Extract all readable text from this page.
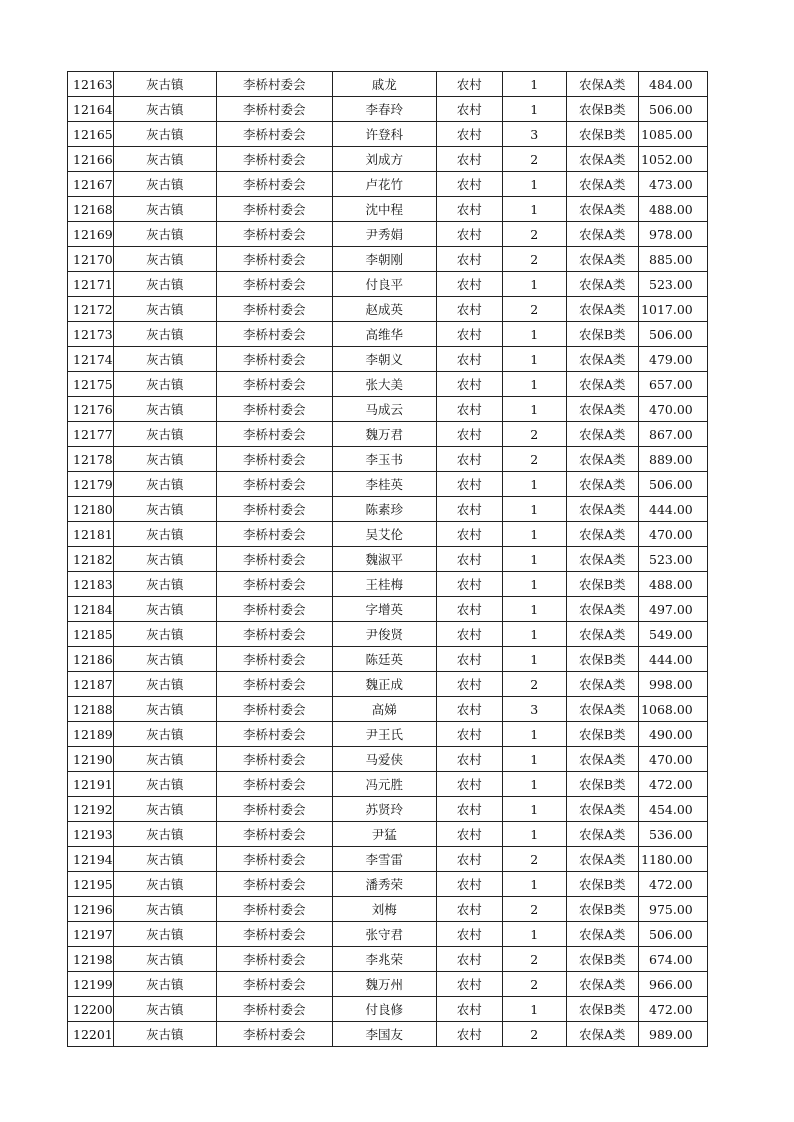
12163	灰古镇	李桥村委会	戚龙	农村	1	农保A类	484.00
12164	灰古镇	李桥村委会	李春玲	农村	1	农保B类	506.00
12165	灰古镇	李桥村委会	许登科	农村	3	农保B类	1085.00
12166	灰古镇	李桥村委会	刘成方	农村	2	农保A类	1052.00
12167	灰古镇	李桥村委会	卢花竹	农村	1	农保A类	473.00
12168	灰古镇	李桥村委会	沈中程	农村	1	农保A类	488.00
12169	灰古镇	李桥村委会	尹秀娟	农村	2	农保A类	978.00
12170	灰古镇	李桥村委会	李朝刚	农村	2	农保A类	885.00
12171	灰古镇	李桥村委会	付良平	农村	1	农保A类	523.00
12172	灰古镇	李桥村委会	赵成英	农村	2	农保A类	1017.00
12173	灰古镇	李桥村委会	高维华	农村	1	农保B类	506.00
12174	灰古镇	李桥村委会	李朝义	农村	1	农保A类	479.00
12175	灰古镇	李桥村委会	张大美	农村	1	农保A类	657.00
12176	灰古镇	李桥村委会	马成云	农村	1	农保A类	470.00
12177	灰古镇	李桥村委会	魏万君	农村	2	农保A类	867.00
12178	灰古镇	李桥村委会	李玉书	农村	2	农保A类	889.00
12179	灰古镇	李桥村委会	李桂英	农村	1	农保A类	506.00
12180	灰古镇	李桥村委会	陈素珍	农村	1	农保A类	444.00
12181	灰古镇	李桥村委会	吴艾伦	农村	1	农保A类	470.00
12182	灰古镇	李桥村委会	魏淑平	农村	1	农保A类	523.00
12183	灰古镇	李桥村委会	王桂梅	农村	1	农保B类	488.00
12184	灰古镇	李桥村委会	字增英	农村	1	农保A类	497.00
12185	灰古镇	李桥村委会	尹俊贤	农村	1	农保A类	549.00
12186	灰古镇	李桥村委会	陈廷英	农村	1	农保B类	444.00
12187	灰古镇	李桥村委会	魏正成	农村	2	农保A类	998.00
12188	灰古镇	李桥村委会	高娣	农村	3	农保A类	1068.00
12189	灰古镇	李桥村委会	尹王氏	农村	1	农保B类	490.00
12190	灰古镇	李桥村委会	马爱侠	农村	1	农保A类	470.00
12191	灰古镇	李桥村委会	冯元胜	农村	1	农保B类	472.00
12192	灰古镇	李桥村委会	苏贤玲	农村	1	农保A类	454.00
12193	灰古镇	李桥村委会	尹猛	农村	1	农保A类	536.00
12194	灰古镇	李桥村委会	李雪雷	农村	2	农保A类	1180.00
12195	灰古镇	李桥村委会	潘秀荣	农村	1	农保B类	472.00
12196	灰古镇	李桥村委会	刘梅	农村	2	农保B类	975.00
12197	灰古镇	李桥村委会	张守君	农村	1	农保A类	506.00
12198	灰古镇	李桥村委会	李兆荣	农村	2	农保B类	674.00
12199	灰古镇	李桥村委会	魏万州	农村	2	农保A类	966.00
12200	灰古镇	李桥村委会	付良修	农村	1	农保B类	472.00
12201	灰古镇	李桥村委会	李国友	农村	2	农保A类	989.00
